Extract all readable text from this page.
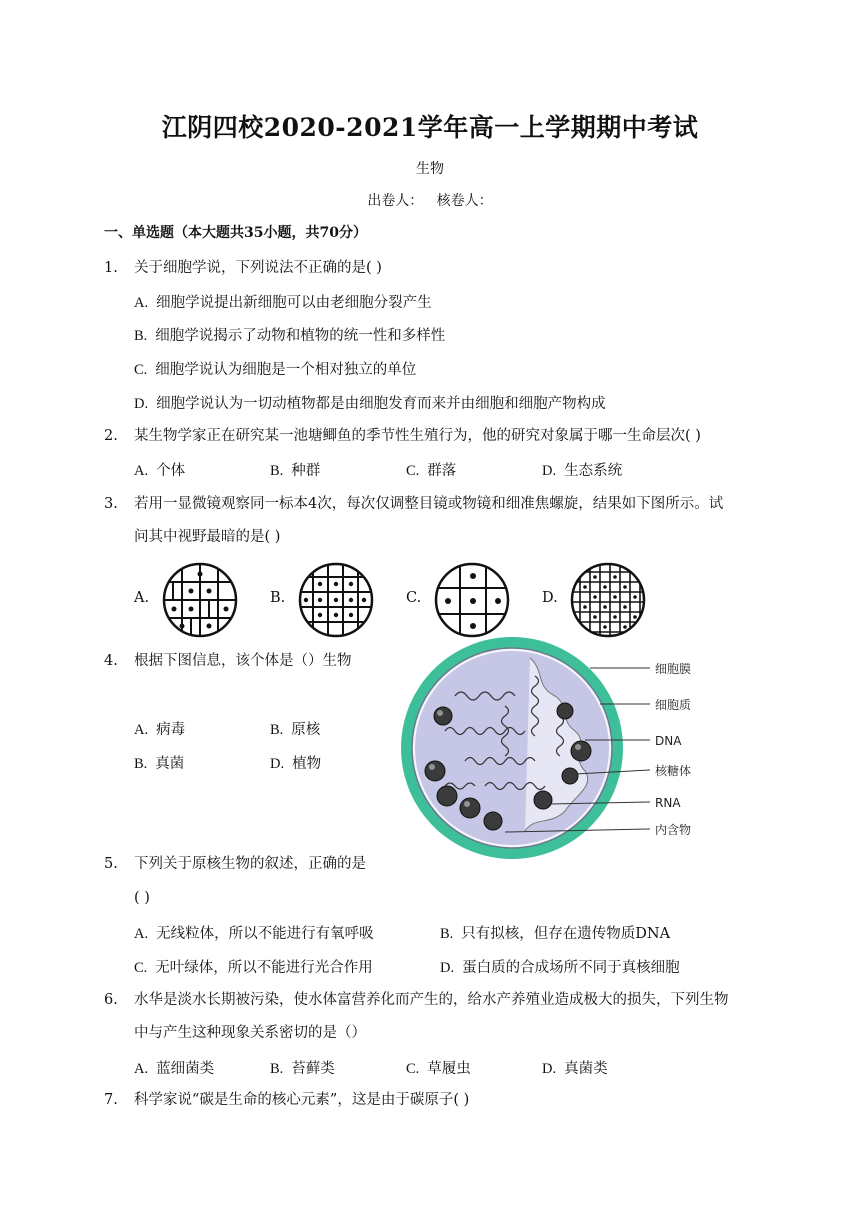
江阴四校2020-2021学年高一上学期期中考试
生物
出卷人：   核卷人：
一、单选题（本大题共35小题，共70分）
1. 关于细胞学说，下列说法不正确的是( )
A. 细胞学说提出新细胞可以由老细胞分裂产生
B. 细胞学说揭示了动物和植物的统一性和多样性
C. 细胞学说认为细胞是一个相对独立的单位
D. 细胞学说认为一切动植物都是由细胞发育而来并由细胞和细胞产物构成
2. 某生物学家正在研究某一池塘鲫鱼的季节性生殖行为，他的研究对象属于哪一生命层次( )
A. 个体	B. 种群	C. 群落	D. 生态系统
3. 若用一显微镜观察同一标本4次，每次仅调整目镜或物镜和细准焦螺旋，结果如下图所示。试
问其中视野最暗的是( )
A.	B.	C.	D.
4. 根据下图信息，该个体是（）生物
A. 病毒	B. 原核
B. 真菌	D. 植物
细胞膜
细胞质
DNA
核糖体
RNA
内含物
5. 下列关于原核生物的叙述，正确的是
( )
A. 无线粒体，所以不能进行有氧呼吸	B. 只有拟核，但存在遗传物质DNA
C. 无叶绿体，所以不能进行光合作用	D. 蛋白质的合成场所不同于真核细胞
6. 水华是淡水长期被污染，使水体富营养化而产生的，给水产养殖业造成极大的损失，下列生物
中与产生这种现象关系密切的是（）
A. 蓝细菌类	B. 苔藓类	C. 草履虫	D. 真菌类
7. 科学家说“碳是生命的核心元素”，这是由于碳原子( )
